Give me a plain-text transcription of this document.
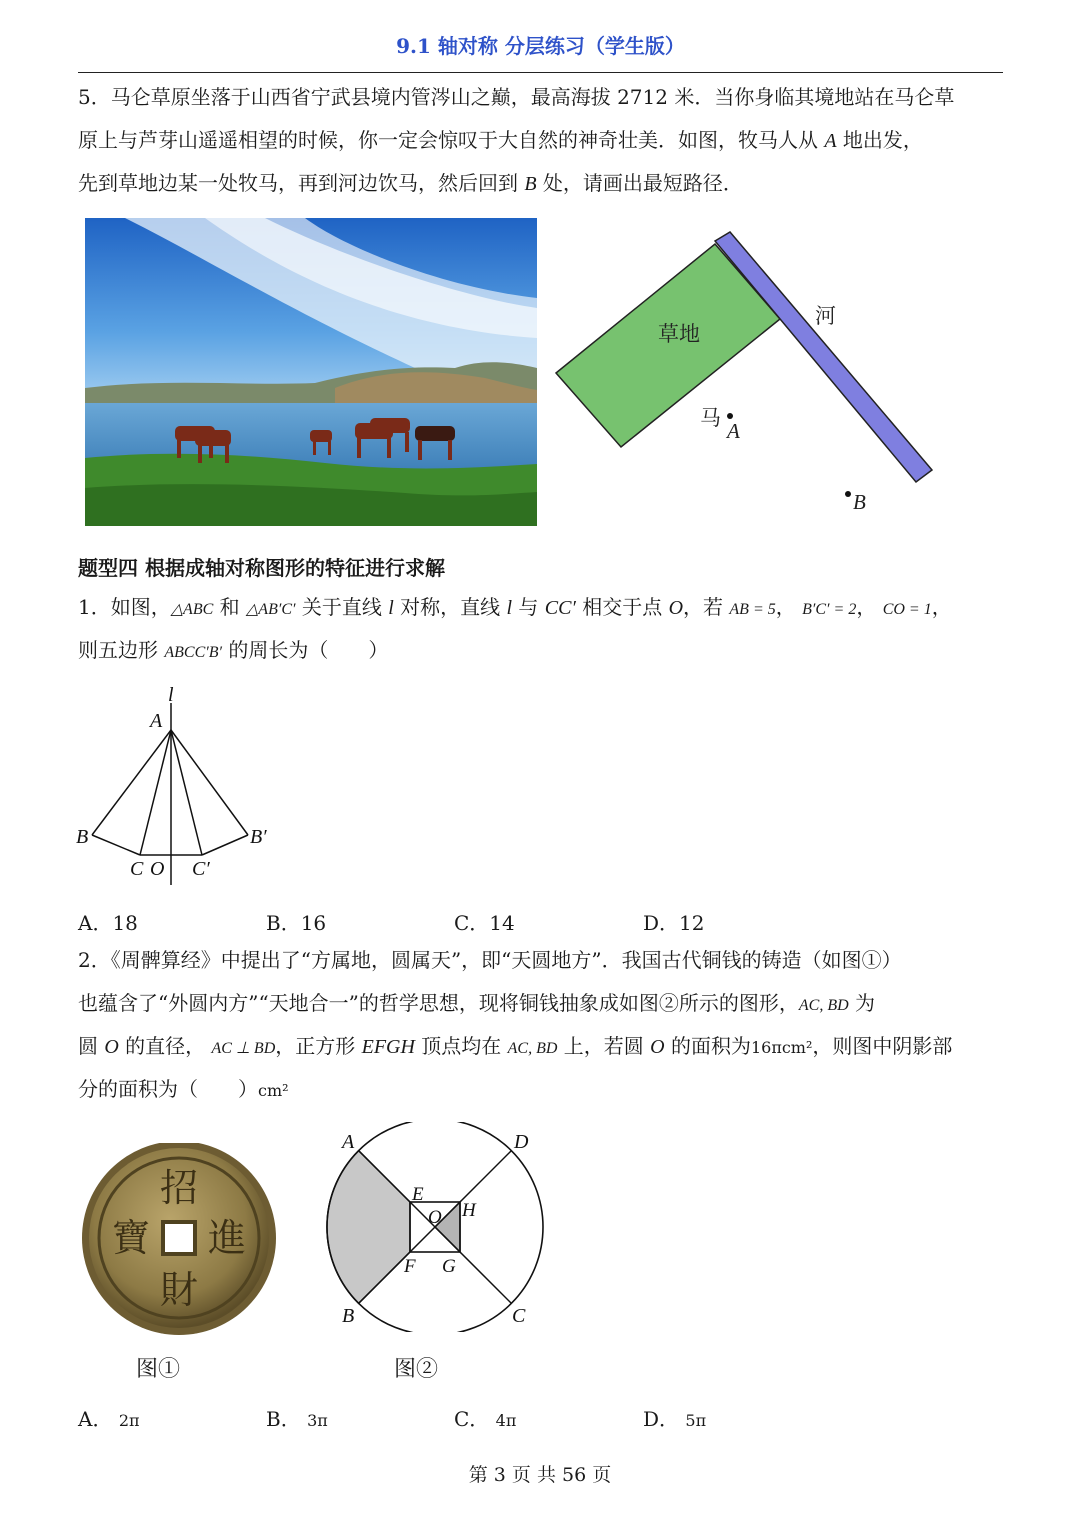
9.1 轴对称 分层练习（学生版）
5．马仑草原坐落于山西省宁武县境内管涔山之巅，最高海拔 2712 米．当你身临其境地站在马仑草
原上与芦芽山遥遥相望的时候，你一定会惊叹于大自然的神奇壮美．如图，牧马人从 A 地出发，
先到草地边某一处牧马，再到河边饮马，然后回到 B 处，请画出最短路径．
草地
河
马
A
B
题型四 根据成轴对称图形的特征进行求解
1．如图，△ABC 和 △AB′C′ 关于直线 l 对称，直线 l 与 CC′ 相交于点 O，若 AB = 5， B′C′ = 2， CO = 1，
则五边形 ABCC′B′ 的周长为（　　）
l
A
B	B′
C O C′
A．18	B．16	C．14	D．12
2．《周髀算经》中提出了“方属地，圆属天”，即“天圆地方”．我国古代铜钱的铸造（如图①）
也蕴含了“外圆内方”“天地合一”的哲学思想，现将铜钱抽象成如图②所示的图形，AC, BD 为
圆 O 的直径， AC ⊥ BD，正方形 EFGH 顶点均在 AC, BD 上，若圆 O 的面积为16πcm²，则图中阴影部
分的面积为（　　）cm²
招
進
財
寶
图①
A	D
B	C
E
O H
F G
图②
A． 2π	B． 3π	C． 4π	D． 5π
第 3 页 共 56 页
